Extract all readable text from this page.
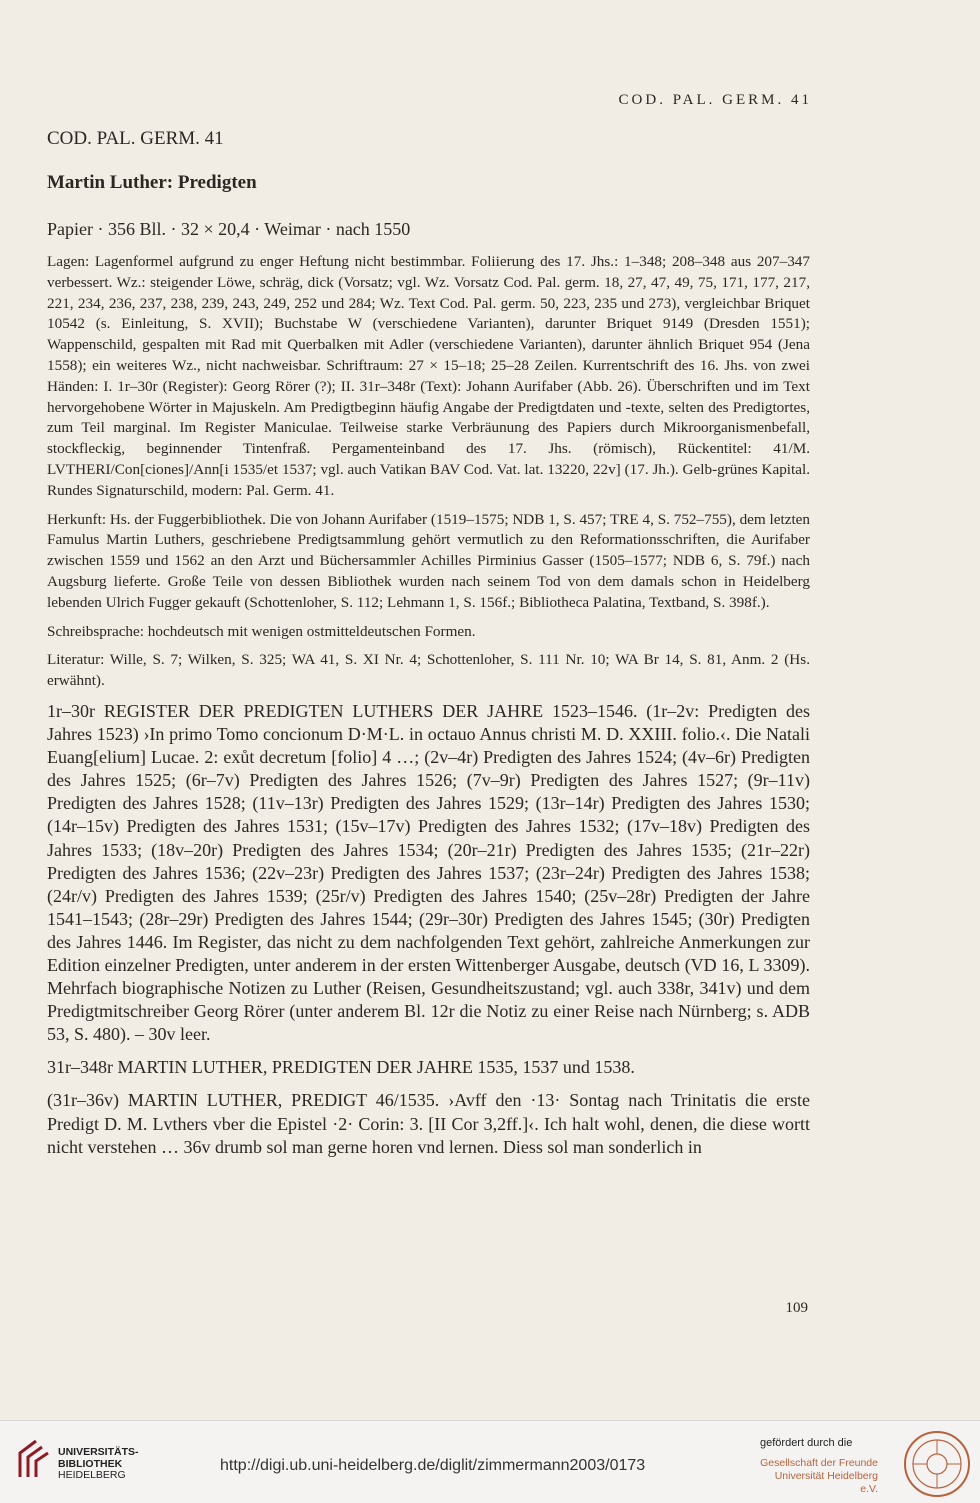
COD. PAL. GERM. 41
COD. PAL. GERM. 41
Martin Luther: Predigten
Papier · 356 Bll. · 32 × 20,4 · Weimar · nach 1550

Lagen: Lagenformel aufgrund zu enger Heftung nicht bestimmbar. Foliierung des 17. Jhs.: 1–348; 208–348 aus 207–347 verbessert. Wz.: steigender Löwe, schräg, dick (Vorsatz; vgl. Wz. Vorsatz Cod. Pal. germ. 18, 27, 47, 49, 75, 171, 177, 217, 221, 234, 236, 237, 238, 239, 243, 249, 252 und 284; Wz. Text Cod. Pal. germ. 50, 223, 235 und 273), vergleichbar Briquet 10542 (s. Einleitung, S. XVII); Buchstabe W (verschiedene Varianten), darunter Briquet 9149 (Dresden 1551); Wappenschild, gespalten mit Rad mit Querbalken mit Adler (verschiedene Varianten), darunter ähnlich Briquet 954 (Jena 1558); ein weiteres Wz., nicht nachweisbar. Schriftraum: 27 × 15–18; 25–28 Zeilen. Kurrentschrift des 16. Jhs. von zwei Händen: I. 1r–30r (Register): Georg Rörer (?); II. 31r–348r (Text): Johann Aurifaber (Abb. 26). Überschriften und im Text hervorgehobene Wörter in Majuskeln. Am Predigtbeginn häufig Angabe der Predigtdaten und -texte, selten des Predigtortes, zum Teil marginal. Im Register Maniculae. Teilweise starke Verbräunung des Papiers durch Mikroorganismenbefall, stockfleckig, beginnender Tintenfraß. Pergamenteinband des 17. Jhs. (römisch), Rückentitel: 41/M. LVTHERI/Con[ciones]/Ann[i 1535/et 1537; vgl. auch Vatikan BAV Cod. Vat. lat. 13220, 22v] (17. Jh.). Gelb-grünes Kapital. Rundes Signaturschild, modern: Pal. Germ. 41.

Herkunft: Hs. der Fuggerbibliothek. Die von Johann Aurifaber (1519–1575; NDB 1, S. 457; TRE 4, S. 752–755), dem letzten Famulus Martin Luthers, geschriebene Predigtsammlung gehört vermutlich zu den Reformationsschriften, die Aurifaber zwischen 1559 und 1562 an den Arzt und Büchersammler Achilles Pirminius Gasser (1505–1577; NDB 6, S. 79f.) nach Augsburg lieferte. Große Teile von dessen Bibliothek wurden nach seinem Tod von dem damals schon in Heidelberg lebenden Ulrich Fugger gekauft (Schottenloher, S. 112; Lehmann 1, S. 156f.; Bibliotheca Palatina, Textband, S. 398f.).

Schreibsprache: hochdeutsch mit wenigen ostmitteldeutschen Formen.

Literatur: Wille, S. 7; Wilken, S. 325; WA 41, S. XI Nr. 4; Schottenloher, S. 111 Nr. 10; WA Br 14, S. 81, Anm. 2 (Hs. erwähnt).

1r–30r REGISTER DER PREDIGTEN LUTHERS DER JAHRE 1523–1546. (1r–2v: Predigten des Jahres 1523) ›In primo Tomo concionum D·M·L. in octauo Annus christi M. D. XXIII. folio.‹. Die Natali Euang[elium] Lucae. 2: exůt decretum [folio] 4 …; (2v–4r) Predigten des Jahres 1524; (4v–6r) Predigten des Jahres 1525; (6r–7v) Predigten des Jahres 1526; (7v–9r) Predigten des Jahres 1527; (9r–11v) Predigten des Jahres 1528; (11v–13r) Predigten des Jahres 1529; (13r–14r) Predigten des Jahres 1530; (14r–15v) Predigten des Jahres 1531; (15v–17v) Predigten des Jahres 1532; (17v–18v) Predigten des Jahres 1533; (18v–20r) Predigten des Jahres 1534; (20r–21r) Predigten des Jahres 1535; (21r–22r) Predigten des Jahres 1536; (22v–23r) Predigten des Jahres 1537; (23r–24r) Predigten des Jahres 1538; (24r/v) Predigten des Jahres 1539; (25r/v) Predigten des Jahres 1540; (25v–28r) Predigten der Jahre 1541–1543; (28r–29r) Predigten des Jahres 1544; (29r–30r) Predigten des Jahres 1545; (30r) Predigten des Jahres 1446. Im Register, das nicht zu dem nachfolgenden Text gehört, zahlreiche Anmerkungen zur Edition einzelner Predigten, unter anderem in der ersten Wittenberger Ausgabe, deutsch (VD 16, L 3309). Mehrfach biographische Notizen zu Luther (Reisen, Gesundheitszustand; vgl. auch 338r, 341v) und dem Predigtmitschreiber Georg Rörer (unter anderem Bl. 12r die Notiz zu einer Reise nach Nürnberg; s. ADB 53, S. 480). – 30v leer.

31r–348r MARTIN LUTHER, PREDIGTEN DER JAHRE 1535, 1537 und 1538.

(31r–36v) MARTIN LUTHER, PREDIGT 46/1535. ›Avff den ·13· Sontag nach Trinitatis die erste Predigt D. M. Lvthers vber die Epistel ·2· Corin: 3. [II Cor 3,2ff.]‹. Ich halt wohl, denen, die diese wortt nicht verstehen … 36v drumb sol man gerne horen vnd lernen. Diess sol man sonderlich in

109
UNIVERSITÄTS-
BIBLIOTHEK
HEIDELBERG
http://digi.ub.uni-heidelberg.de/diglit/zimmermann2003/0173
gefördert durch die
Gesellschaft der Freunde
Universität Heidelberg e.V.
